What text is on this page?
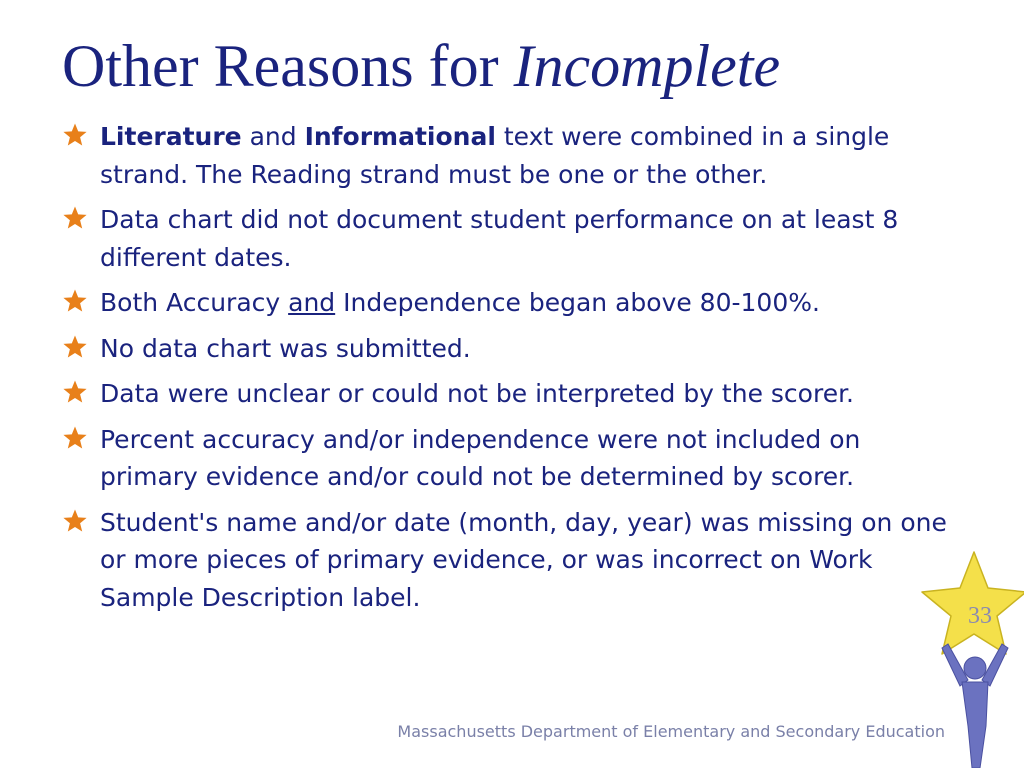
Other Reasons for Incomplete
Literature and Informational text were combined in a single strand. The Reading strand must be one or the other.
Data chart did not document student performance on at least 8 different dates.
Both Accuracy and Independence began above 80-100%.
No data chart was submitted.
Data were unclear or could not be interpreted by the scorer.
Percent accuracy and/or independence were not included on primary evidence and/or could not be determined by scorer.
Student's name and/or date (month, day, year) was missing on one or more pieces of primary evidence, or was incorrect on Work Sample Description label.
33
Massachusetts Department of Elementary and Secondary Education
